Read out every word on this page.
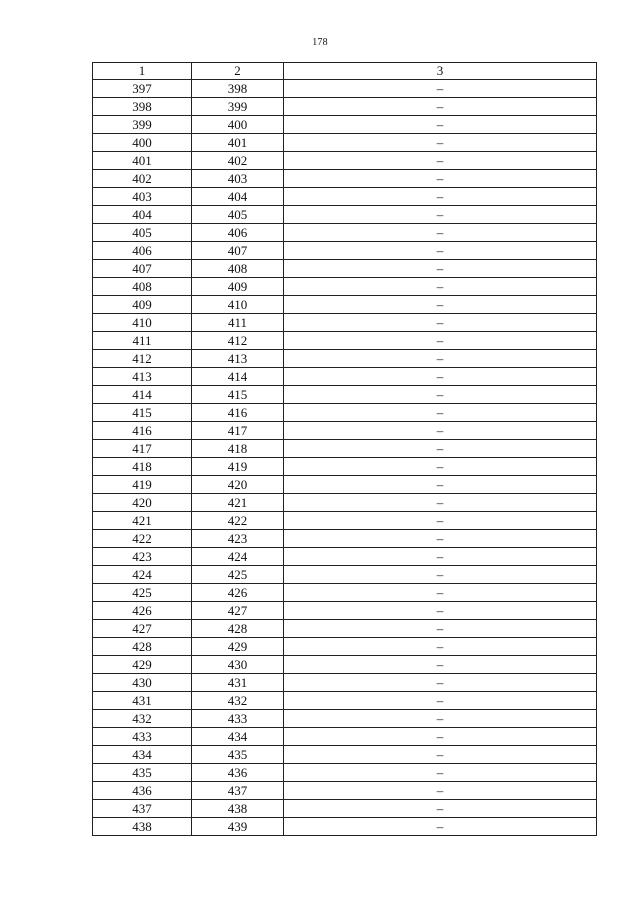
178
1	2	3
397	398	–
398	399	–
399	400	–
400	401	–
401	402	–
402	403	–
403	404	–
404	405	–
405	406	–
406	407	–
407	408	–
408	409	–
409	410	–
410	411	–
411	412	–
412	413	–
413	414	–
414	415	–
415	416	–
416	417	–
417	418	–
418	419	–
419	420	–
420	421	–
421	422	–
422	423	–
423	424	–
424	425	–
425	426	–
426	427	–
427	428	–
428	429	–
429	430	–
430	431	–
431	432	–
432	433	–
433	434	–
434	435	–
435	436	–
436	437	–
437	438	–
438	439	–
